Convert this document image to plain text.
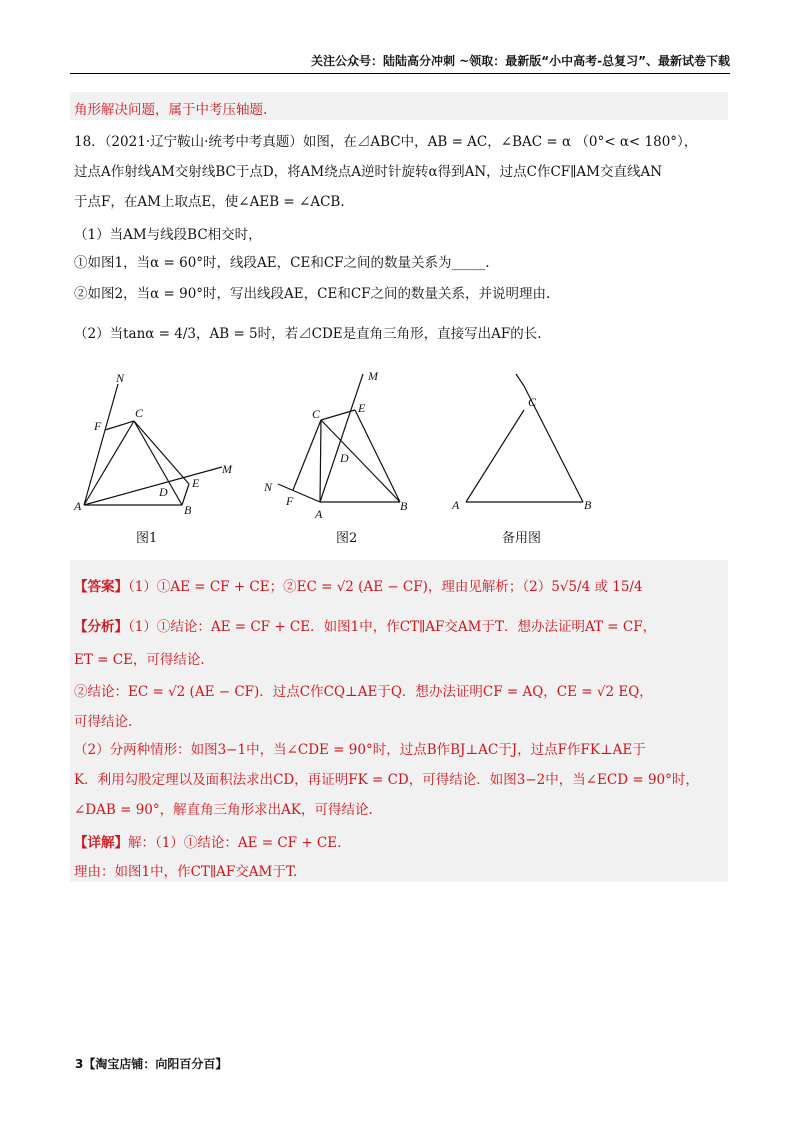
关注公众号：陆陆高分冲刺 ~领取：最新版“小中高考-总复习”、最新试卷下载
角形解决问题，属于中考压轴题.
18．（2021·辽宁鞍山·统考中考真题）如图，在⊿ABC中，AB = AC，∠BAC = α （0°< α< 180°），
过点A作射线AM交射线BC于点D，将AM绕点A逆时针旋转α得到AN，过点C作CF∥AM交直线AN
于点F，在AM上取点E，使∠AEB = ∠ACB.
（1）当AM与线段BC相交时，
①如图1，当α = 60°时，线段AE，CE和CF之间的数量关系为_____.
②如图2，当α = 90°时，写出线段AE，CE和CF之间的数量关系，并说明理由.
（2）当tanα = 4/3，AB = 5时，若⊿CDE是直角三角形，直接写出AF的长.
N
C
F
M
E
D
A	B
M
C	E
D
N
F
A
B
C
A	B
图1	图2	备用图
【答案】（1）①AE = CF + CE；②EC = √2 (AE − CF)，理由见解析；（2）5√5/4 或 15/4
【分析】（1）①结论：AE = CF + CE．如图1中，作CT∥AF交AM于T．想办法证明AT = CF，
ET = CE，可得结论.
②结论：EC = √2 (AE − CF)．过点C作CQ⊥AE于Q．想办法证明CF = AQ，CE = √2 EQ，
可得结论.
（2）分两种情形：如图3−1中，当∠CDE = 90°时，过点B作BJ⊥AC于J，过点F作FK⊥AE于
K．利用勾股定理以及面积法求出CD，再证明FK = CD，可得结论．如图3−2中，当∠ECD = 90°时，
∠DAB = 90°，解直角三角形求出AK，可得结论.
【详解】解：（1）①结论：AE = CF + CE.
理由：如图1中，作CT∥AF交AM于T.
3【淘宝店铺：向阳百分百】
